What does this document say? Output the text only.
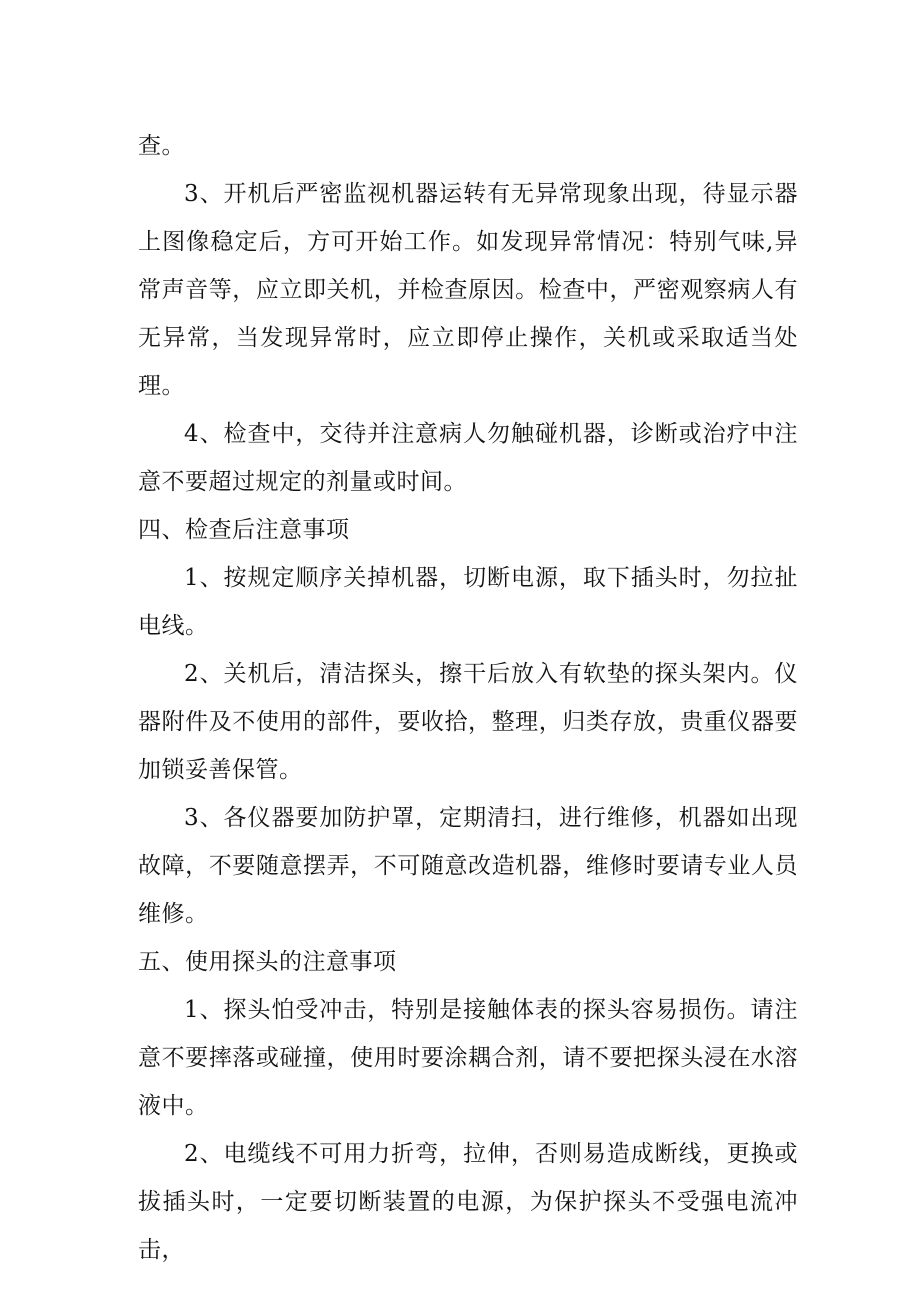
查。

3、开机后严密监视机器运转有无异常现象出现，待显示器上图像稳定后，方可开始工作。如发现异常情况：特别气味,异常声音等，应立即关机，并检查原因。检查中，严密观察病人有无异常，当发现异常时，应立即停止操作，关机或采取适当处理。

4、检查中，交待并注意病人勿触碰机器，诊断或治疗中注意不要超过规定的剂量或时间。

四、检查后注意事项

1、按规定顺序关掉机器，切断电源，取下插头时，勿拉扯电线。

2、关机后，清洁探头，擦干后放入有软垫的探头架内。仪器附件及不使用的部件，要收拾，整理，归类存放，贵重仪器要加锁妥善保管。

3、各仪器要加防护罩，定期清扫，进行维修，机器如出现故障，不要随意摆弄，不可随意改造机器，维修时要请专业人员维修。

五、使用探头的注意事项

1、探头怕受冲击，特别是接触体表的探头容易损伤。请注意不要摔落或碰撞，使用时要涂耦合剂，请不要把探头浸在水溶液中。

2、电缆线不可用力折弯，拉伸，否则易造成断线，更换或拔插头时，一定要切断装置的电源，为保护探头不受强电流冲击，
